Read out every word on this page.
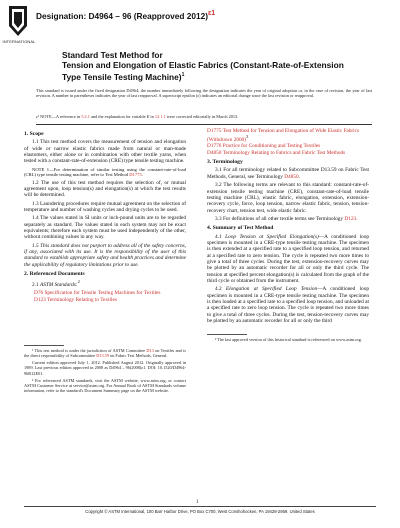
INTERNATIONAL
Designation: D4964 – 96 (Reapproved 2012)$^{\varepsilon 1}$
Standard Test Method for
Tension and Elongation of Elastic Fabrics (Constant-Rate-of-Extension Type Tensile Testing Machine)$^1$
This standard is issued under the fixed designation D4964; the number immediately following the designation indicates the year of original adoption or, in the case of revision, the year of last revision. A number in parentheses indicates the year of last reapproval. A superscript epsilon (ε) indicates an editorial change since the last revision or reapproval.
ε¹ NOTE—A reference in 5.2.1 and the explanation for variable E in 12.1.1 were corrected editorially in March 2013.
1. Scope

1.1 This test method covers the measurement of tension and elongation of wide or narrow elastic fabrics made from natural or man-made elastomers, either alone or in combination with other textile yarns, when tested with a constant-rate-of-extension (CRE) type tensile testing machine.

NOTE 1—For determination of similar testing using the constant-rate-of-load (CRL) type tensile testing machine, refer to Test Method D1775.

1.2 The use of this test method requires the selection of, or mutual agreement upon, loop tension(s) and elongation(s) at which the test results will be determined.

1.3 Laundering procedures require mutual agreement on the selection of temperature and number of washing cycles and drying cycles to be used.

1.4 The values stated in SI units or inch-pound units are to be regarded separately as standard. The values stated in each system may not be exact equivalents; therefore each system must be used independently of the other, without combining values in any way.

1.5 This standard does not purport to address all of the safety concerns, if any, associated with its use. It is the responsibility of the user of this standard to establish appropriate safety and health practices and determine the applicability of regulatory limitations prior to use.

2. Referenced Documents

2.1 ASTM Standards:$^2$

D76 Specification for Tensile Testing Machines for Textiles
D123 Terminology Relating to Textiles

¹ This test method is under the jurisdiction of ASTM Committee D13 on Textiles and is the direct responsibility of Subcommittee D13.59 on Fabric Test Methods, General.

Current edition approved July 1, 2012. Published August 2012. Originally approved in 1989. Last previous edition approved in 2008 as D4964 – 96(2008)ε1. DOI: 10.1520/D4964-96R12E01.

² For referenced ASTM standards, visit the ASTM website, www.astm.org, or contact ASTM Customer Service at service@astm.org. For Annual Book of ASTM Standards volume information, refer to the standard's Document Summary page on the ASTM website.

D1775 Test Method for Tension and Elongation of Wide Elastic Fabrics (Withdrawn 2000)$^3$
D1776 Practice for Conditioning and Testing Textiles
D4850 Terminology Relating to Fabrics and Fabric Test Methods
3. Terminology

3.1 For all terminology related to Subcommittee D13.59 on Fabric Test Methods, General, see Terminology D4850.

3.2 The following terms are relevant to this standard: constant-rate-of-extension tensile testing machine (CRE), constant-rate-of-load tensile testing machine (CRL), elastic fabric, elongation, extension, extension-recovery cycle, force, loop tension, narrow elastic fabric, tension, tension-recovery chart, tension test, wide elastic fabric.

3.3 For definitions of all other textile terms see Terminology D123.

4. Summary of Test Method

4.1 Loop Tension at Specified Elongation(s)—A conditioned loop specimen is mounted in a CRE-type tensile testing machine. The specimen is then extended at a specified rate to a specified loop tension, and returned at a specified rate to zero tension. The cycle is repeated two more times to give a total of three cycles. During the test, extension-recovery curves may be plotted by an automatic recorder for all or only the third cycle. The tension at specified percent elongation(s) is calculated from the graph of the third cycle or obtained from the instrument.

4.2 Elongation at Specified Loop Tension—A conditioned loop specimen is mounted in a CRE-type tensile testing machine. The specimen is then loaded at a specified rate to a specified loop tension, and unloaded at a specified rate to zero loop tension. The cycle is repeated two more times to give a total of three cycles. During the test, tension-recovery curves may be plotted by an automatic recorder for all or only the third

³ The last approved version of this historical standard is referenced on www.astm.org.

1
Copyright © ASTM International, 100 Barr Harbor Drive, PO Box C700, West Conshohocken, PA 19428-2959. United States
